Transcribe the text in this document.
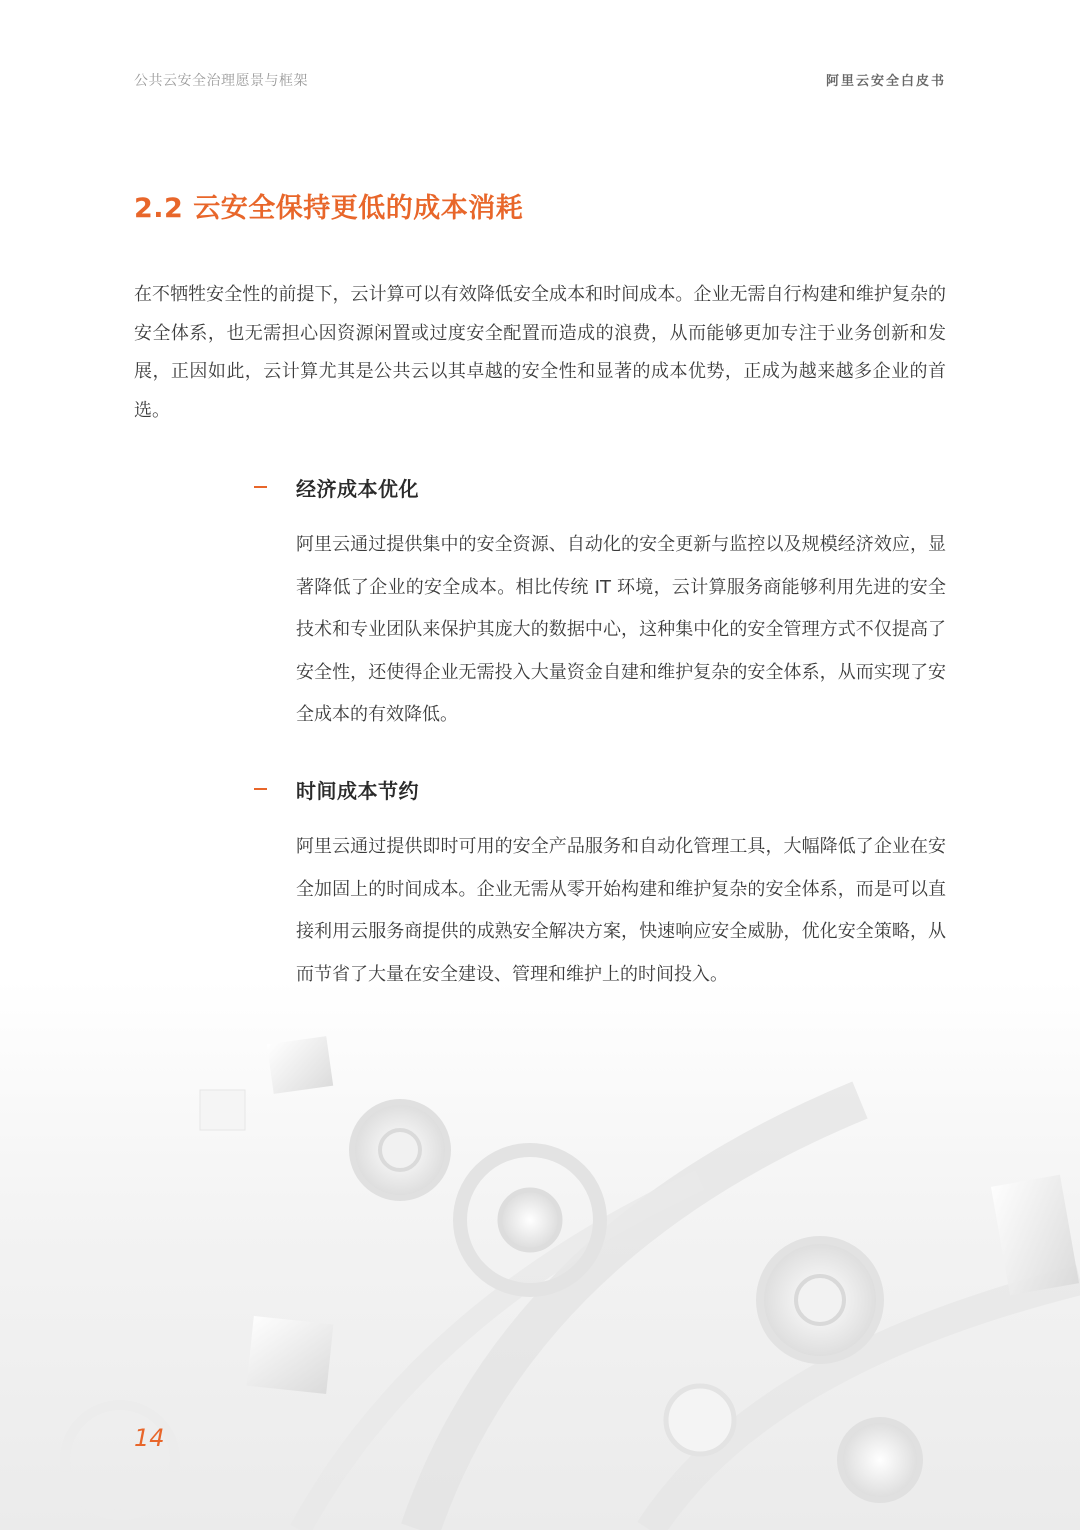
公共云安全治理愿景与框架	阿里云安全白皮书
2.2 云安全保持更低的成本消耗

在不牺牲安全性的前提下，云计算可以有效降低安全成本和时间成本。企业无需自行构建和维护复杂的安全体系，也无需担心因资源闲置或过度安全配置而造成的浪费，从而能够更加专注于业务创新和发展，正因如此，云计算尤其是公共云以其卓越的安全性和显著的成本优势，正成为越来越多企业的首选。

经济成本优化

阿里云通过提供集中的安全资源、自动化的安全更新与监控以及规模经济效应，显著降低了企业的安全成本。相比传统 IT 环境，云计算服务商能够利用先进的安全技术和专业团队来保护其庞大的数据中心，这种集中化的安全管理方式不仅提高了安全性，还使得企业无需投入大量资金自建和维护复杂的安全体系，从而实现了安全成本的有效降低。

时间成本节约

阿里云通过提供即时可用的安全产品服务和自动化管理工具，大幅降低了企业在安全加固上的时间成本。企业无需从零开始构建和维护复杂的安全体系，而是可以直接利用云服务商提供的成熟安全解决方案，快速响应安全威胁，优化安全策略，从而节省了大量在安全建设、管理和维护上的时间投入。

14
